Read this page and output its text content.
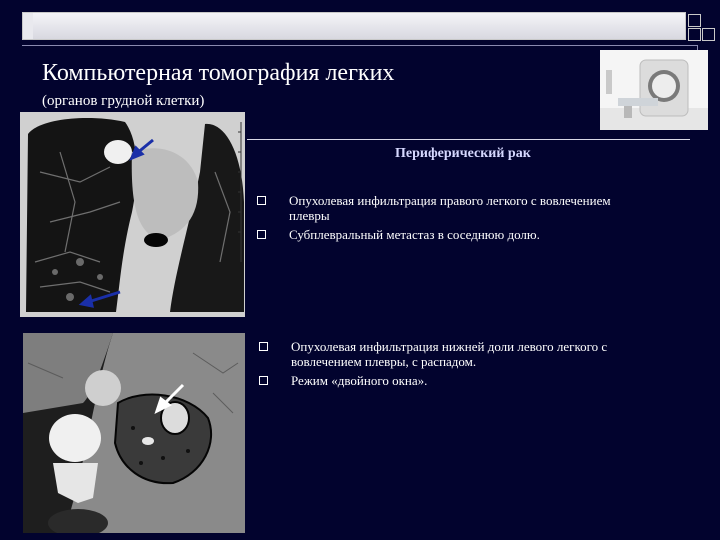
Компьютерная томография легких

(органов грудной клетки)

Периферический рак

Опухолевая инфильтрация правого легкого с вовлечением плевры
Субплевральный метастаз в соседнюю долю.
Опухолевая инфильтрация нижней доли левого легкого с вовлечением плевры, с распадом.
Режим «двойного окна».
